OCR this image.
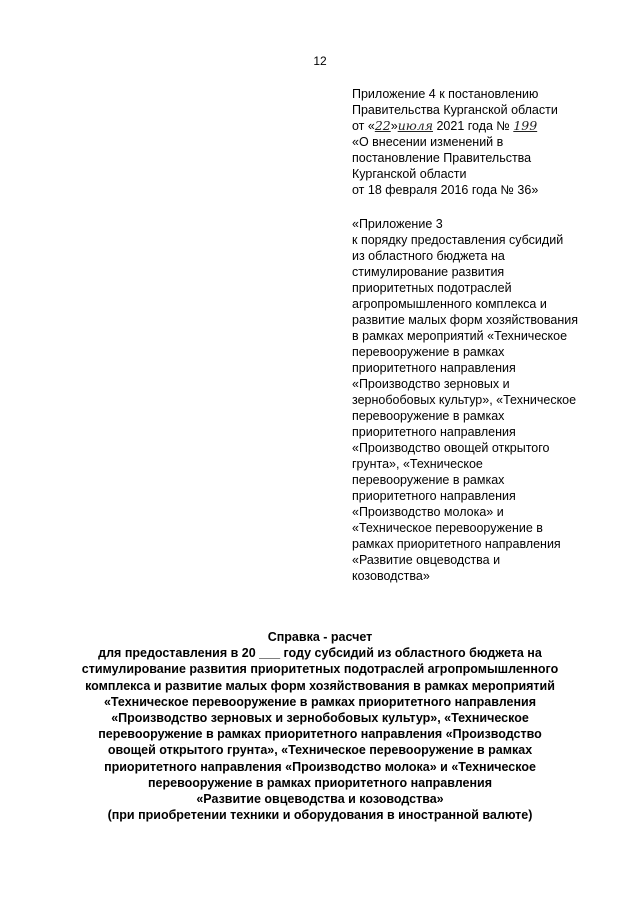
12
Приложение 4 к постановлению
Правительства Курганской области
от «22»июля 2021 года № 199
«О внесении изменений в
постановление Правительства
Курганской области
от 18 февраля 2016 года № 36»
«Приложение 3
к порядку предоставления субсидий
из областного бюджета на
стимулирование развития
приоритетных подотраслей
агропромышленного комплекса и
развитие малых форм хозяйствования
в рамках мероприятий «Техническое
перевооружение в рамках
приоритетного направления
«Производство зерновых и
зернобобовых культур», «Техническое
перевооружение в рамках
приоритетного направления
«Производство овощей открытого
грунта», «Техническое
перевооружение в рамках
приоритетного направления
«Производство молока» и
«Техническое перевооружение в
рамках приоритетного направления
«Развитие овцеводства и
козоводства»
Справка - расчет
для предоставления в 20 ___ году субсидий из областного бюджета на
стимулирование развития приоритетных подотраслей агропромышленного
комплекса и развитие малых форм хозяйствования в рамках мероприятий
«Техническое перевооружение в рамках приоритетного направления
«Производство зерновых и зернобобовых культур», «Техническое
перевооружение в рамках приоритетного направления «Производство
овощей открытого грунта», «Техническое перевооружение в рамках
приоритетного направления «Производство молока» и «Техническое
перевооружение в рамках приоритетного направления
«Развитие овцеводства и козоводства»
(при приобретении техники и оборудования в иностранной валюте)
